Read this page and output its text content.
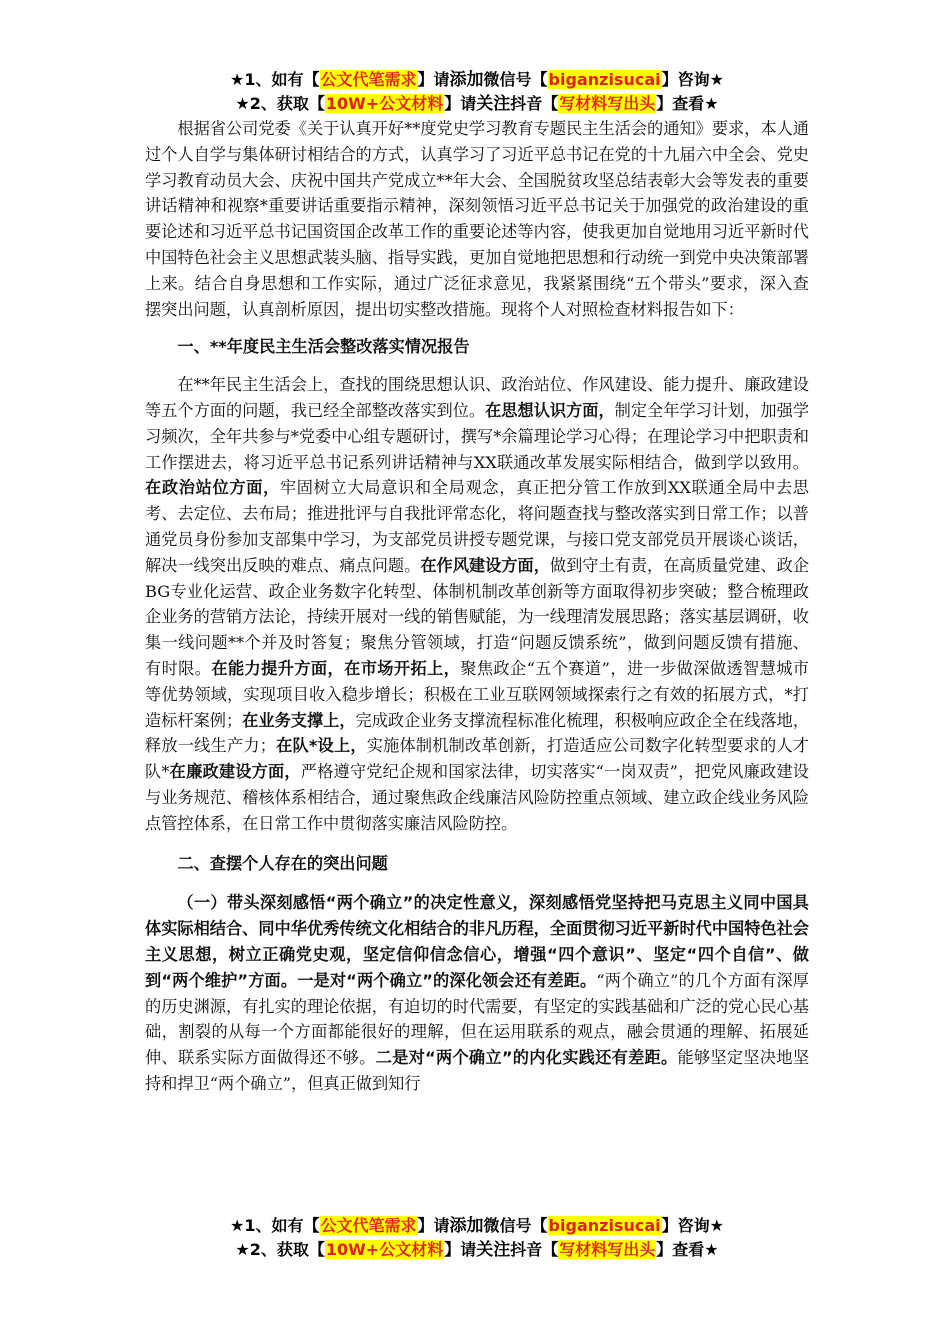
★1、如有【公文代笔需求】请添加微信号【biganzisucai】咨询★
★2、获取【10W+公文材料】请关注抖音【写材料写出头】查看★

根据省公司党委《关于认真开好**度党史学习教育专题民主生活会的通知》要求，本人通过个人自学与集体研讨相结合的方式，认真学习了习近平总书记在党的十九届六中全会、党史学习教育动员大会、庆祝中国共产党成立**年大会、全国脱贫攻坚总结表彰大会等发表的重要讲话精神和视察*重要讲话重要指示精神，深刻领悟习近平总书记关于加强党的政治建设的重要论述和习近平总书记国资国企改革工作的重要论述等内容，使我更加自觉地用习近平新时代中国特色社会主义思想武装头脑、指导实践，更加自觉地把思想和行动统一到党中央决策部署上来。结合自身思想和工作实际，通过广泛征求意见，我紧紧围绕“五个带头”要求，深入查摆突出问题，认真剖析原因，提出切实整改措施。现将个人对照检查材料报告如下：

一、**年度民主生活会整改落实情况报告

在**年民主生活会上，查找的围绕思想认识、政治站位、作风建设、能力提升、廉政建设等五个方面的问题，我已经全部整改落实到位。在思想认识方面，制定全年学习计划，加强学习频次，全年共参与*党委中心组专题研讨，撰写*余篇理论学习心得；在理论学习中把职责和工作摆进去，将习近平总书记系列讲话精神与XX联通改革发展实际相结合，做到学以致用。在政治站位方面，牢固树立大局意识和全局观念，真正把分管工作放到XX联通全局中去思考、去定位、去布局；推进批评与自我批评常态化，将问题查找与整改落实到日常工作；以普通党员身份参加支部集中学习，为支部党员讲授专题党课，与接口党支部党员开展谈心谈话，解决一线突出反映的难点、痛点问题。在作风建设方面，做到守土有责，在高质量党建、政企BG专业化运营、政企业务数字化转型、体制机制改革创新等方面取得初步突破；整合梳理政企业务的营销方法论，持续开展对一线的销售赋能，为一线理清发展思路；落实基层调研，收集一线问题**个并及时答复；聚焦分管领域，打造“问题反馈系统”，做到问题反馈有措施、有时限。在能力提升方面，在市场开拓上，聚焦政企“五个赛道”，进一步做深做透智慧城市等优势领域，实现项目收入稳步增长；积极在工业互联网领域探索行之有效的拓展方式，*打造标杆案例；在业务支撑上，完成政企业务支撑流程标准化梳理，积极响应政企全在线落地，释放一线生产力；在队*设上，实施体制机制改革创新，打造适应公司数字化转型要求的人才队*在廉政建设方面，严格遵守党纪企规和国家法律，切实落实“一岗双责”，把党风廉政建设与业务规范、稽核体系相结合，通过聚焦政企线廉洁风险防控重点领域、建立政企线业务风险点管控体系，在日常工作中贯彻落实廉洁风险防控。

二、查摆个人存在的突出问题

（一）带头深刻感悟“两个确立”的决定性意义，深刻感悟党坚持把马克思主义同中国具体实际相结合、同中华优秀传统文化相结合的非凡历程，全面贯彻习近平新时代中国特色社会主义思想，树立正确党史观，坚定信仰信念信心，增强“四个意识”、坚定“四个自信”、做到“两个维护”方面。一是对“两个确立”的深化领会还有差距。“两个确立”的几个方面有深厚的历史渊源，有扎实的理论依据，有迫切的时代需要，有坚定的实践基础和广泛的党心民心基础，割裂的从每一个方面都能很好的理解，但在运用联系的观点，融会贯通的理解、拓展延伸、联系实际方面做得还不够。二是对“两个确立”的内化实践还有差距。能够坚定坚决地坚持和捍卫“两个确立”，但真正做到知行

★1、如有【公文代笔需求】请添加微信号【biganzisucai】咨询★
★2、获取【10W+公文材料】请关注抖音【写材料写出头】查看★
